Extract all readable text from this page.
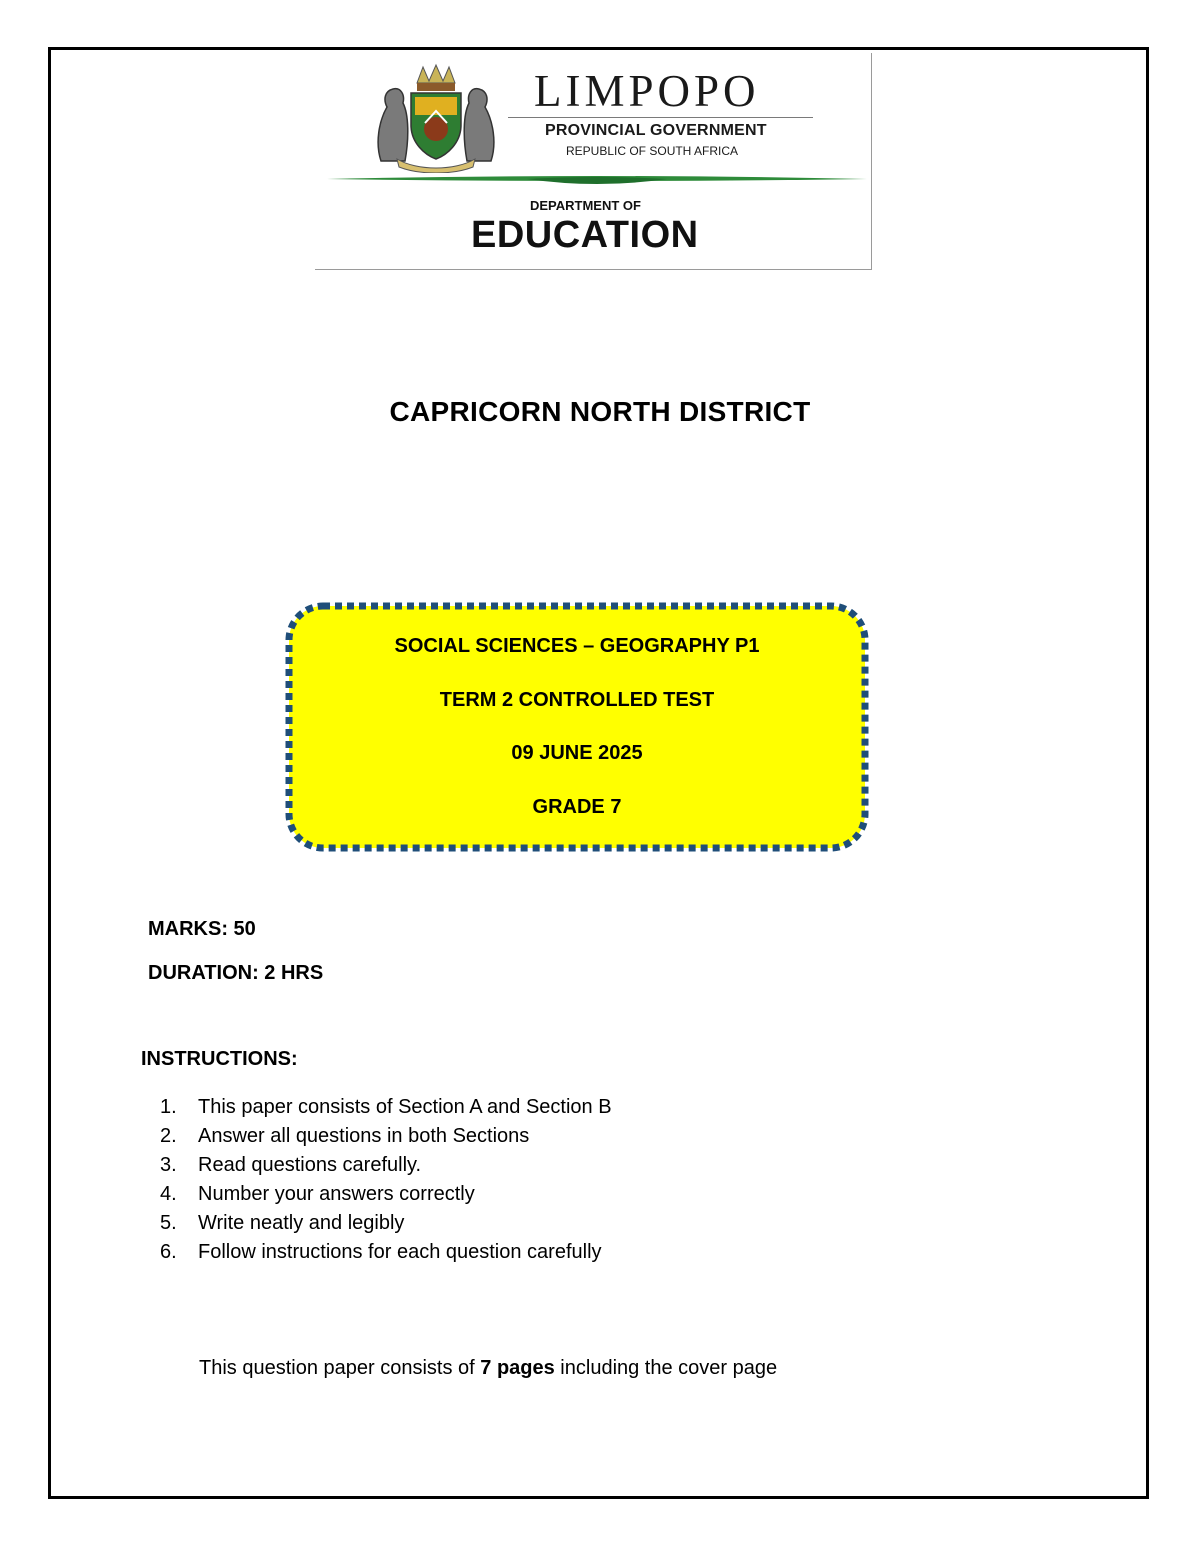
LIMPOPO
PROVINCIAL GOVERNMENT
REPUBLIC OF SOUTH AFRICA
DEPARTMENT OF
EDUCATION
CAPRICORN NORTH DISTRICT
SOCIAL SCIENCES – GEOGRAPHY P1
TERM 2 CONTROLLED TEST
09 JUNE 2025
GRADE 7
MARKS: 50
DURATION: 2 HRS
INSTRUCTIONS:
1. This paper consists of Section A and Section B
2. Answer all questions in both Sections
3. Read questions carefully.
4. Number your answers correctly
5. Write neatly and legibly
6. Follow instructions for each question carefully
This question paper consists of 7 pages including the cover page
